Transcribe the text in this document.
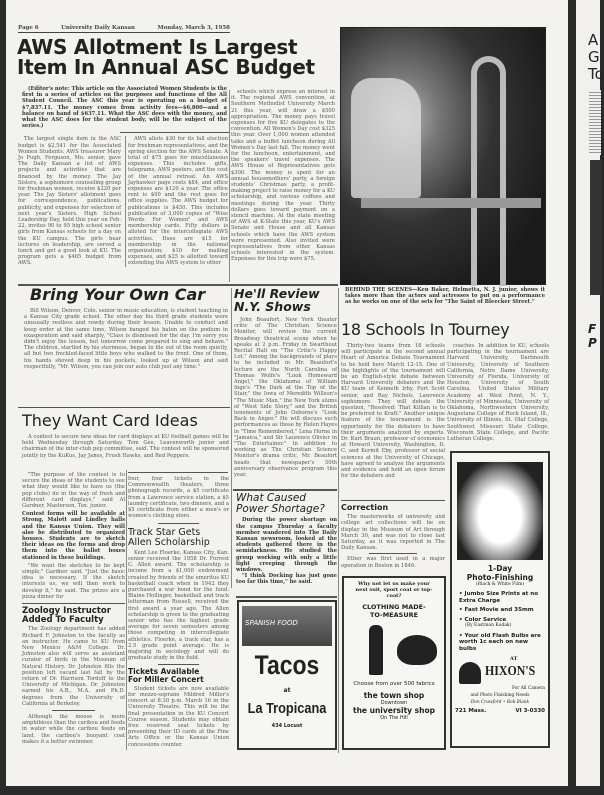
Page 6	University Daily Kansan	Monday, March 3, 1958
AWS Allotment Is Largest
Item In Annual ASC Budget
(Editor's note: This article on the Associated Women Students is the first in a series of articles on the purposes and functions of the All Student Council. The ASC this year is operating on a budget of $7,837.11. The money comes from activity fees—$6,800—and a balance on hand of $637.11. What the ASC does with the money, and what the ASC does for the student body, will be the subject of the series.)
The largest single item in the ASC budget is $2,541 for the Associated Women Students. AWS treasurer Mary Jo Pugh, Ferguson, Mo. senior, gave The Daily Kansan a list of AWS projects and activities that are financed by the money. The Jay Sisters, a sophomore counseling group for freshman women, receive $220 per year. The Jay Sisters' allotment goes for correspondence, publications, publicity, and expenses for selection of next year's Sisters. High School Leadership Day, held this year on Feb. 22, invites 90 to 95 high school senior girls from Kansas schools for a day on the KU campus. The girls hear lectures on leadership, are served a lunch and get a good look at KU. The program gets a $465 budget from AWS.
AWS allots $30 for its fall election for freshman representatives, and the spring election for the AWS Senate. A total of $75 goes for miscellaneous expenses. This includes gifts, telegrams, AWS posters, and the cost of the annual retreat. An AWS Jayhawker page costs $84, and office expenses are $120 a year. The office rent is $90 and the rest goes for office supplies. The AWS budget for publications is $450. This includes publication of 3,000 copies of "Wise Words For Women" and AWS membership cards. Fifty dollars is alloted for the intercollegiate AWS activities. Dues are $15 for membership in the national organization; $10 for mailing expenses, and $25 is allotted toward extending the AWS system to other
schools which express an interest in it. The regional AWS convention, at Southern Methodist University March 21 this year, will draw a $500 appropriation. The money pays travel expenses for five KU delegates to the convention. All Women's Day cost $325 this year. Over 1,000 women attended talks and a buffet luncheon during All Women's Day last fall. The money went for the luncheon, entertainment, and the speakers' travel expenses. The AWS House of Representatives gets $300. The money is spent for an annual housemothers' party, a foreign students' Christmas party, a profit-making project to raise money for a KU scholarship, and various coffees and meetings during the year. Thirty dollars goes toward payment on a stencil machine. At the state meeting of AWS at K-State this year, KU's AWS Senate and House and all Kansas schools which have the AWS system were represented. Also invited were representatives from other Kansas schools interested in the system. Expenses for this trip were $75.
BEHIND THE SCENES—Ken Baker, Helmetta, N. J. junior, shows it takes more than the actors and actresses to put on a performance as he works on one of the sets for "The Saint of Bleecker Street."
Bring Your Own Car
Bill Wilson, Denver, Colo. senior in music education, is student teaching in a Kansas City grade school. The other day his third grade students were unusually restless and rowdy during their lesson. Unable to conduct and keep order at the same time, Wilson banged his baton on the podium in exasperation and said sharply, "Class is dismissed for the day. I'm sorry you didn't enjoy the lesson, but tomorrow come prepared to sing and behave." The children, startled by his sternness, began to file out of the room quietly, all but two freckled-faced little boys who walked to the front. One of them, his hands shoved deep in his pockets, looked up at Wilson and said respectfully, "Mr. Wilson, you can join our auto club just any time."
He'll Review
N.Y. Shows
John Beaufort, New York theater critic of The Christian Science Monitor, will review the current Broadway theatrical scene when he speaks at 2 p.m. Friday in Swarthout Recital Hall on "The Critic's Happy Lot." Among the backgrounds of plays to be included in Mr. Beaufort's lecture are the North Carolina of Thomas Wolfe's "Look Homeward Angel," the Oklahoma of William Inge's "The Dark at the Top of the Stair," the Iowa of Meredith Willson's "The Music Man," the New York slums of "West Side Story," and the British tenements of John Osborne's "Look Back in Anger." He will discuss such performances as those by Helen Hayes in "Time Remembered," Lena Horne in "Jamaica," and Sir Laurence Olivier in "The Entertainer." In addition to working as The Christian Science Monitor's drama critic, Mr. Beaufort heads that newspaper's 50th anniversary observance program this year.
18 Schools In Tourney
Thirty-two teams from 18 schools will participate in the second annual Heart of America Debate Tournament to be held here March 12-15. One of the highlights of the tournament will be an English-style debate between Harvard University debaters and the KU team of Kenneth Irby, Fort Scott senior, and Ray Nichols, Lawrence sophomore. They will debate the question, "Resolved: That Killian is to be preferred to Kraft." Another unique feature of the tournament is the opportunity for the debaters to have their arguments analyzed by experts. Dr. Kurt Braun, professor of economics at Howard University, Washington, D. C. and Kermit Eby, professor of social sciences at the University of Chicago, have agreed to analyze the arguments and evidence and hold an open forum for the debaters and
coaches. In addition to KU, schools participating in the tournament are Harvard University, Dartmouth University, University of Southern California, Notre Dame University, University of Florida, University of Houston, University of South Carolina, United States Military Academy at West Point, N. Y., University of Minnesota, University of Oklahoma, Northwestern University, Augustana College of Rock Island, Ill., University of Illinois, St. Olaf College, Southwest Missouri State College, Wisconsin State College, and Pacific Lutheran College.
Correction
The masterworks of university and college art collections will be on display in the Museum of Art through March 30, and was not to close last Saturday, as it was reported in The Daily Kansan.
Ether was first used in a major operation in Boston in 1846.
They Want Card Ideas
A contest to secure new ideas for card displays at KU football games will be held Wednesday through Saturday. Tom Gee, Leavenworth junior and chairman of the inter-club pep committee, said. The contest will be sponsored jointly by the KuKus, Jay Janes, Frosh Hawks, and Red Peppers.
"The purpose of the contest is to secure the ideas of the students to see what they would like to have us (the pep clubs) do in the way of fresh and different card displays," said Al Gardner, Masterson, Tex. junior.
Contest forms will be available at Strong, Malott and Lindley halls and the Kansas Union. They will also be distributed to organized houses. Students are to sketch their ideas on the forms and drop them into the ballot boxes stationed in these buildings.
"We want the sketches to be kept simple," Gardner said. "Just the basic idea is necessary. If the sketch interests us, we will then work to develop it," he said. The prizes are a pizza dinner for
Zoology Instructor
Added To Faculty
The Zoology department has added Richard F. Johnston to the faculty as an instructor. He came to KU from New Mexico A&M College. Dr. Johnston also will serve as assistant curator of birds in the Museum of Natural History. Dr. Johnston fills the position left vacant last fall by the return of Dr. Harrison Tordoff to the University of Michigan. Dr. Johnston earned his A.B., M.A. and Ph.D. degrees from the University of California at Berkeley.
Although the moose is more amphibious than the caribou and feeds in water while the caribou feeds on land, the caribou's buoyant coat makes it a better swimmer.
four, four tickets to the Commonwealth theaters, three phonograph records, a $5 certificate from a Lawrence service station, a $5 laundry certificate, two dinners, and a $5 certificate from either a men's or women's clothing store.
Track Star Gets
Allen Scholarship
Kent Lee Floerke, Kansas City, Kan. senior received the 1958 Dr. Forrest C. Allen award. The scholarship is income from a $1,000 endowment created by friends of the emeritus KU basketball coach when in 1942 they purchased a war bond for the fund. Blaine Hollinger, basketball and track letterman from Russell, received the first award a year ago. The Allen scholarship is given to the graduating senior who has the highest grade average for seven semesters among those competing in intercollegiate athletics. Floerke, a track star, has a 2.5 grade point average. He is majoring in sociology and will do graduate study in the field.
Tickets Available
For Miller Concert
Student tickets are now available for mezzo-soprano Mildred Miller's concert at 8:30 p.m. March 16 in the University Theatre. This will be the final presentation in the KU Concert Course season. Students may obtain free reserved seat tickets by presenting their ID cards at the Fine Arts Office or the Kansas Union concessions counter.
What Caused
Power Shortage?
During the power shortage on the campus Thursday a faculty member wandered into The Daily Kansan newsroom, looked at the students gathered there in the semidarkness. He studied the group working with only a little light creeping through the windows.
"I think Docking has just gone too far this time," he said.
SPANISH FOOD
Tacos
at
La Tropicana
434 Locust
Why not let us make your next suit, sport coat or top-coat?
CLOTHING MADE-TO-MEASURE
Choose from over 500 fabrics
the town shop
Downtown
the university shop
On The Hill
1-Day
Photo-Finishing
(Black & White Film)
• Jumbo Size Prints at no Extra Charge
• Fast Movie and 35mm
• Color Service
(By Eastman Kodak)
• Your old Flash Bulbs are worth 1c each on new bulbs
AT
HIXON'S
For All Camera
and Photo Finishing Needs
Don Crawford • Bob Blank
721 Mass.	VI 3-0330
A
G
To
F
P
